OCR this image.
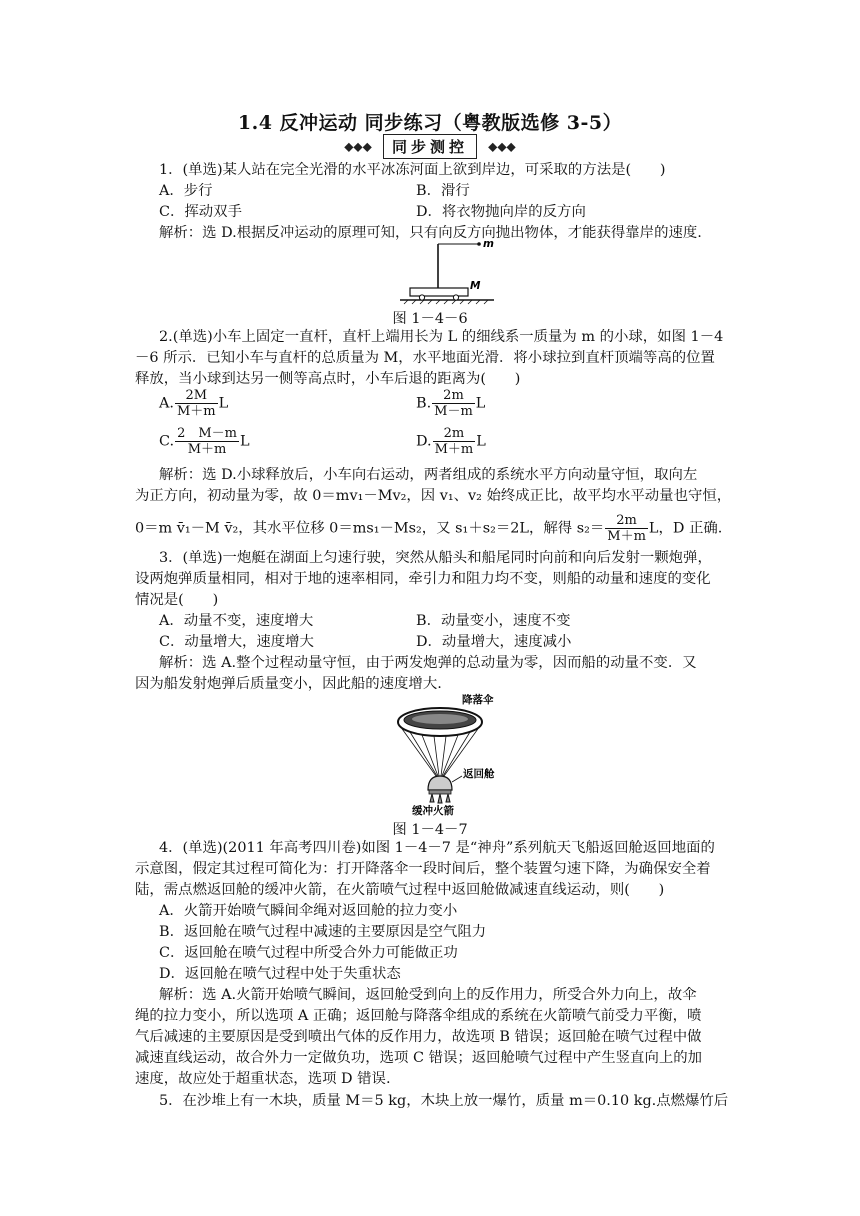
1.4 反冲运动 同步练习（粤教版选修 3-5）
◆◆◆ 同步测控 ◆◆◆
1．(单选)某人站在完全光滑的水平冰冻河面上欲到岸边，可采取的方法是(　　)
A．步行	B．滑行
C．挥动双手	D．将衣物抛向岸的反方向
解析：选 D.根据反冲运动的原理可知，只有向反方向抛出物体，才能获得靠岸的速度.
m
M
图 1－4－6
2.(单选)小车上固定一直杆，直杆上端用长为 L 的细线系一质量为 m 的小球，如图 1－4
－6 所示．已知小车与直杆的总质量为 M，水平地面光滑．将小球拉到直杆顶端等高的位置
释放，当小球到达另一侧等高点时，小车后退的距离为(　　)
A. $\frac{2M}{M+m}$ L	B. $\frac{2m}{M-m}$ L
C. $\frac{2 M-m}{M+m}$ L	D. $\frac{2m}{M+m}$ L
解析：选 D.小球释放后，小车向右运动，两者组成的系统水平方向动量守恒，取向左
为正方向，初动量为零，故 0＝mv₁－Mv₂，因 v₁、v₂ 始终成正比，故平均水平动量也守恒，
0＝m v̄₁－M v̄₂，其水平位移 0＝ms₁－Ms₂，又 s₁＋s₂＝2L，解得 $s_2= \frac{2m}{M+m}$ L，D 正确.
3．(单选)一炮艇在湖面上匀速行驶，突然从船头和船尾同时向前和向后发射一颗炮弹，
设两炮弹质量相同，相对于地的速率相同，牵引力和阻力均不变，则船的动量和速度的变化
情况是(　　)
A．动量不变，速度增大	B．动量变小，速度不变
C．动量增大，速度增大	D．动量增大，速度减小
解析：选 A.整个过程动量守恒，由于两发炮弹的总动量为零，因而船的动量不变．又
因为船发射炮弹后质量变小，因此船的速度增大.
降落伞
返回舱
缓冲火箭
图 1－4－7
4．(单选)(2011 年高考四川卷)如图 1－4－7 是“神舟”系列航天飞船返回舱返回地面的
示意图，假定其过程可简化为：打开降落伞一段时间后，整个装置匀速下降，为确保安全着
陆，需点燃返回舱的缓冲火箭，在火箭喷气过程中返回舱做减速直线运动，则(　　)
A．火箭开始喷气瞬间伞绳对返回舱的拉力变小
B．返回舱在喷气过程中减速的主要原因是空气阻力
C．返回舱在喷气过程中所受合外力可能做正功
D．返回舱在喷气过程中处于失重状态
解析：选 A.火箭开始喷气瞬间，返回舱受到向上的反作用力，所受合外力向上，故伞
绳的拉力变小，所以选项 A 正确；返回舱与降落伞组成的系统在火箭喷气前受力平衡，喷
气后减速的主要原因是受到喷出气体的反作用力，故选项 B 错误；返回舱在喷气过程中做
减速直线运动，故合外力一定做负功，选项 C 错误；返回舱喷气过程中产生竖直向上的加
速度，故应处于超重状态，选项 D 错误.
5．在沙堆上有一木块，质量 M＝5 kg，木块上放一爆竹，质量 m＝0.10 kg.点燃爆竹后
